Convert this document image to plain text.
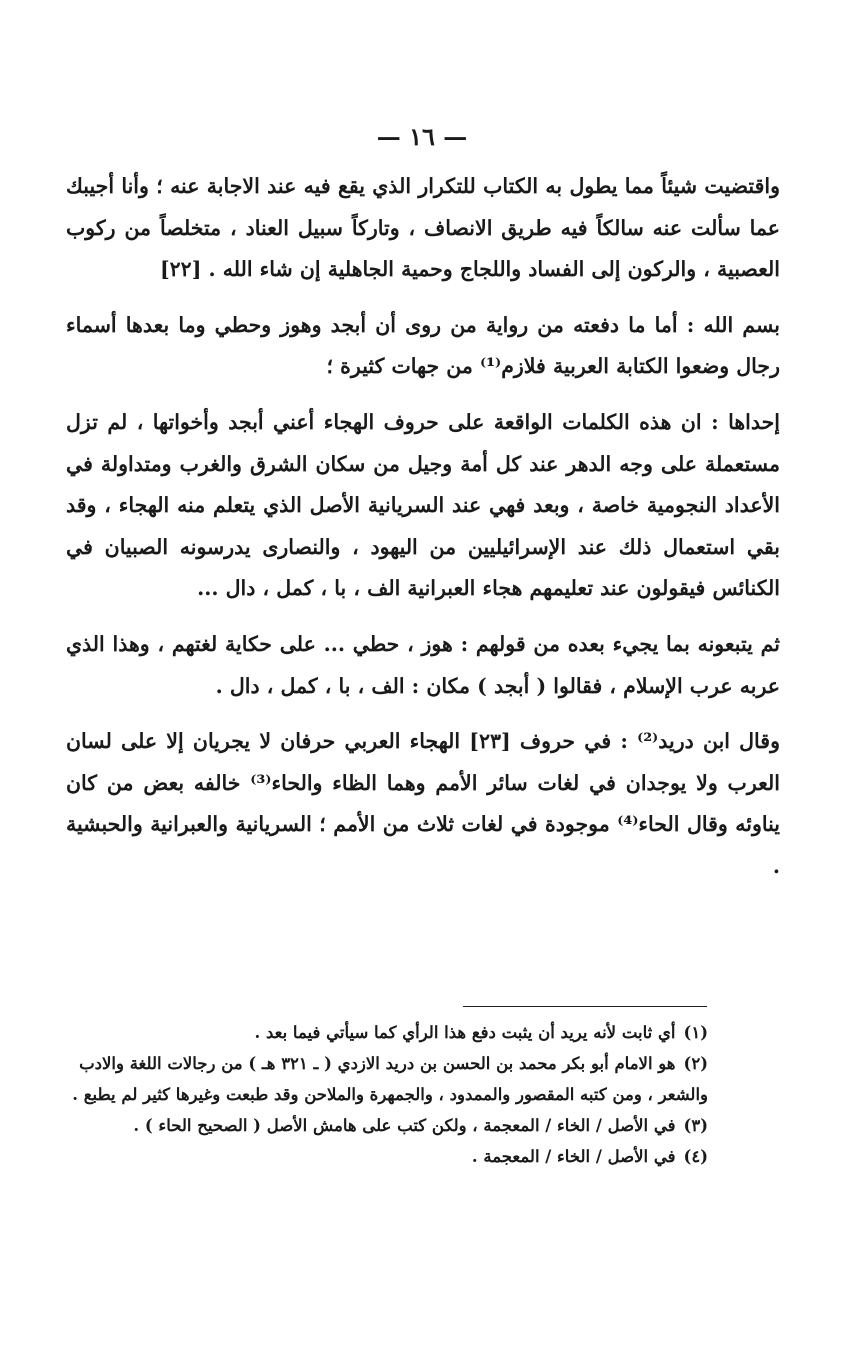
— ١٦ —

واقتضيت شيئاً مما يطول به الكتاب للتكرار الذي يقع فيه عند الاجابة عنه ؛ وأنا أجيبك عما سألت عنه سالكاً فيه طريق الانصاف ، وتاركاً سبيل العناد ، متخلصاً من ركوب العصبية ، والركون إلى الفساد واللجاج وحمية الجاهلية إن شاء الله . [٢٢]

بسم الله : أما ما دفعته من رواية من روى أن أبجد وهوز وحطي وما بعدها أسماء رجال وضعوا الكتابة العربية فلازم⁽¹⁾ من جهات كثيرة ؛

إحداها : ان هذه الكلمات الواقعة على حروف الهجاء أعني أبجد وأخواتها ، لم تزل مستعملة على وجه الدهر عند كل أمة وجيل من سكان الشرق والغرب ومتداولة في الأعداد النجومية خاصة ، وبعد فهي عند السريانية الأصل الذي يتعلم منه الهجاء ، وقد بقي استعمال ذلك عند الإسرائيليين من اليهود ، والنصارى يدرسونه الصبيان في الكنائس فيقولون عند تعليمهم هجاء العبرانية الف ، با ، كمل ، دال ...

ثم يتبعونه بما يجيء بعده من قولهم : هوز ، حطي ... على حكاية لغتهم ، وهذا الذي عربه عرب الإسلام ، فقالوا ( أبجد ) مكان : الف ، با ، كمل ، دال .

وقال ابن دريد⁽²⁾ : في حروف [٢٣] الهجاء العربي حرفان لا يجريان إلا على لسان العرب ولا يوجدان في لغات سائر الأمم وهما الظاء والحاء⁽³⁾ خالفه بعض من كان يناوئه وقال الحاء⁽⁴⁾ موجودة في لغات ثلاث من الأمم ؛ السريانية والعبرانية والحبشية .

(١)أي ثابت لأنه يريد أن يثبت دفع هذا الرأي كما سيأتي فيما بعد .

(٢)هو الامام أبو بكر محمد بن الحسن بن دريد الازدي ( ـ ٣٢١ هـ ) من رجالات اللغة والادب والشعر ، ومن كتبه المقصور والممدود ، والجمهرة والملاحن وقد طبعت وغيرها كثير لم يطبع .

(٣)في الأصل / الخاء / المعجمة ، ولكن كتب على هامش الأصل ( الصحيح الحاء ) .

(٤)في الأصل / الخاء / المعجمة .
